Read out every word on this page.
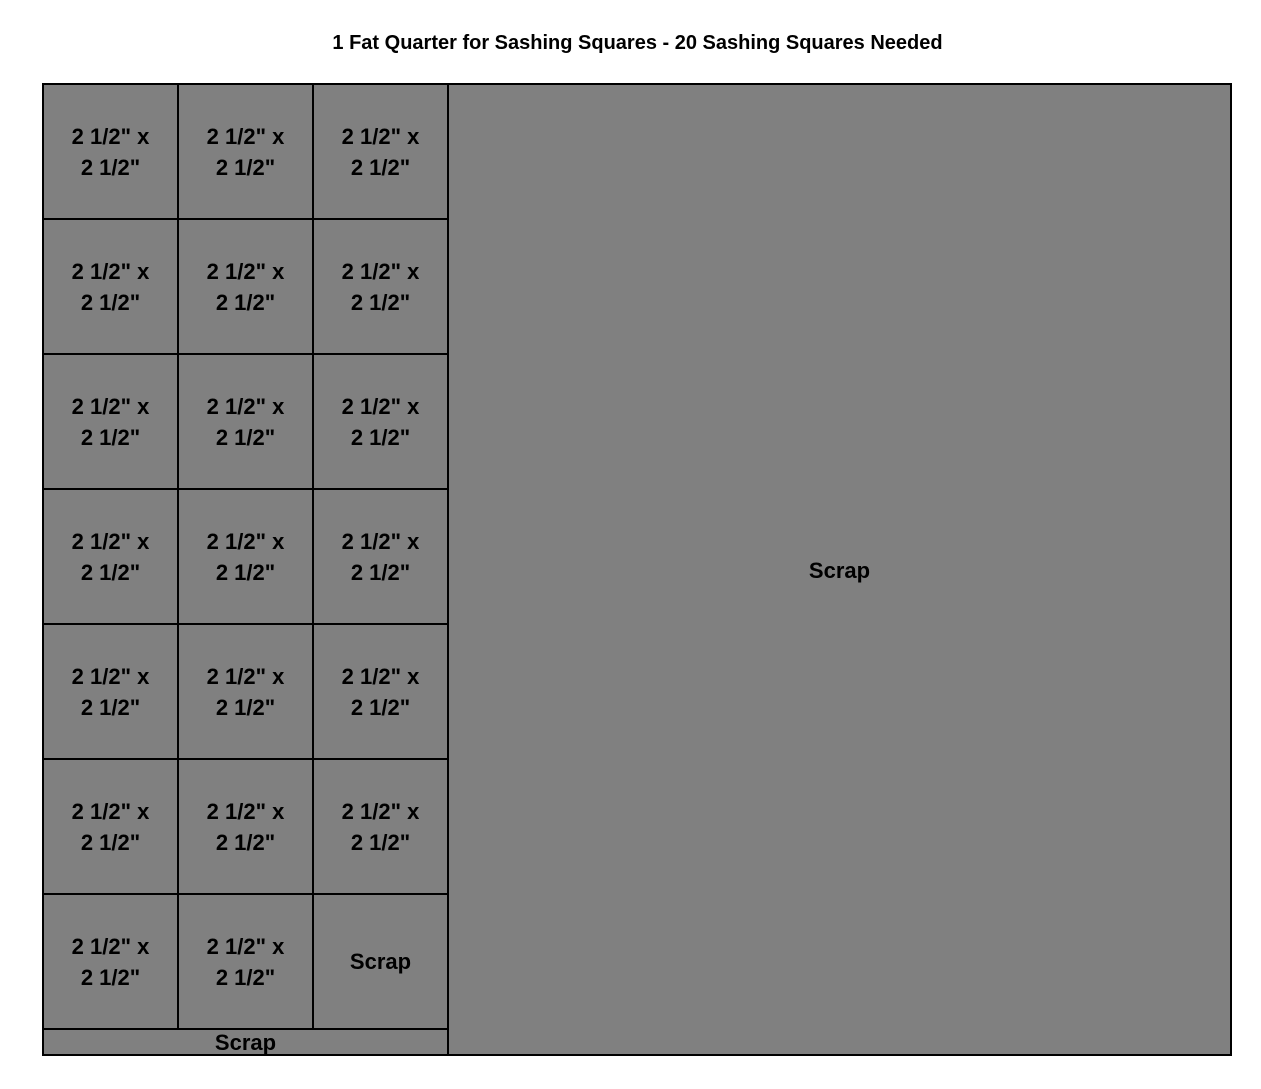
1 Fat Quarter for Sashing Squares - 20 Sashing Squares Needed
2 1/2" x
2 1/2"
2 1/2" x
2 1/2"
2 1/2" x
2 1/2"
2 1/2" x
2 1/2"
2 1/2" x
2 1/2"
2 1/2" x
2 1/2"
2 1/2" x
2 1/2"
2 1/2" x
2 1/2"
2 1/2" x
2 1/2"
2 1/2" x
2 1/2"
2 1/2" x
2 1/2"
2 1/2" x
2 1/2"
2 1/2" x
2 1/2"
2 1/2" x
2 1/2"
2 1/2" x
2 1/2"
2 1/2" x
2 1/2"
2 1/2" x
2 1/2"
2 1/2" x
2 1/2"
2 1/2" x
2 1/2"
2 1/2" x
2 1/2"
Scrap
Scrap
Scrap
